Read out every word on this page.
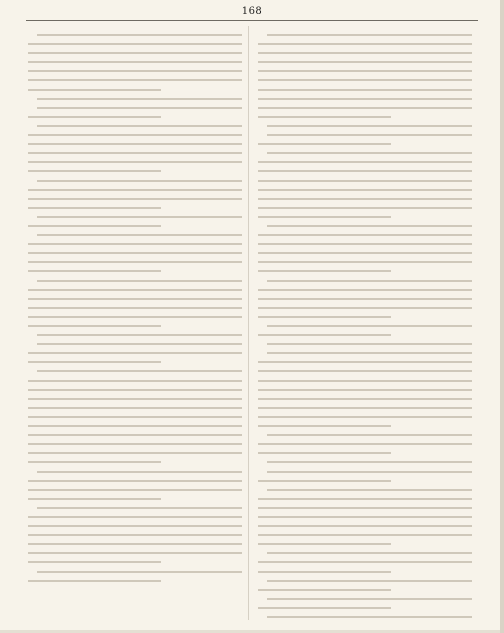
168
